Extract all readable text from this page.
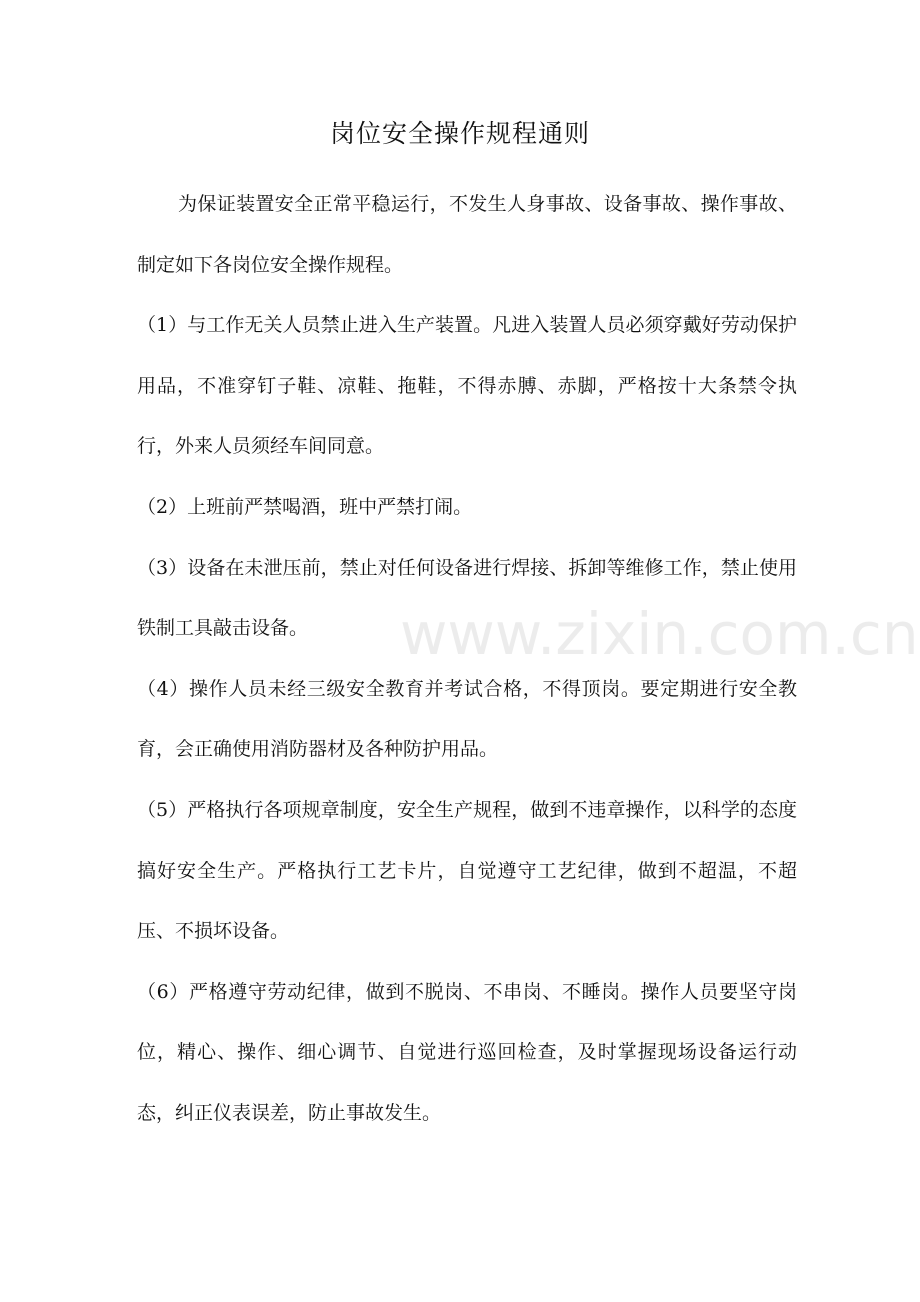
岗位安全操作规程通则

为保证装置安全正常平稳运行，不发生人身事故、设备事故、操作事故、制定如下各岗位安全操作规程。

（1）与工作无关人员禁止进入生产装置。凡进入装置人员必须穿戴好劳动保护用品，不准穿钉子鞋、凉鞋、拖鞋，不得赤膊、赤脚，严格按十大条禁令执行，外来人员须经车间同意。

（2）上班前严禁喝酒，班中严禁打闹。

（3）设备在未泄压前，禁止对任何设备进行焊接、拆卸等维修工作，禁止使用铁制工具敲击设备。

（4）操作人员未经三级安全教育并考试合格，不得顶岗。要定期进行安全教育，会正确使用消防器材及各种防护用品。

（5）严格执行各项规章制度，安全生产规程，做到不违章操作，以科学的态度搞好安全生产。严格执行工艺卡片，自觉遵守工艺纪律，做到不超温，不超压、不损坏设备。

（6）严格遵守劳动纪律，做到不脱岗、不串岗、不睡岗。操作人员要坚守岗位，精心、操作、细心调节、自觉进行巡回检查，及时掌握现场设备运行动态，纠正仪表误差，防止事故发生。

www.zixin.com.cn
